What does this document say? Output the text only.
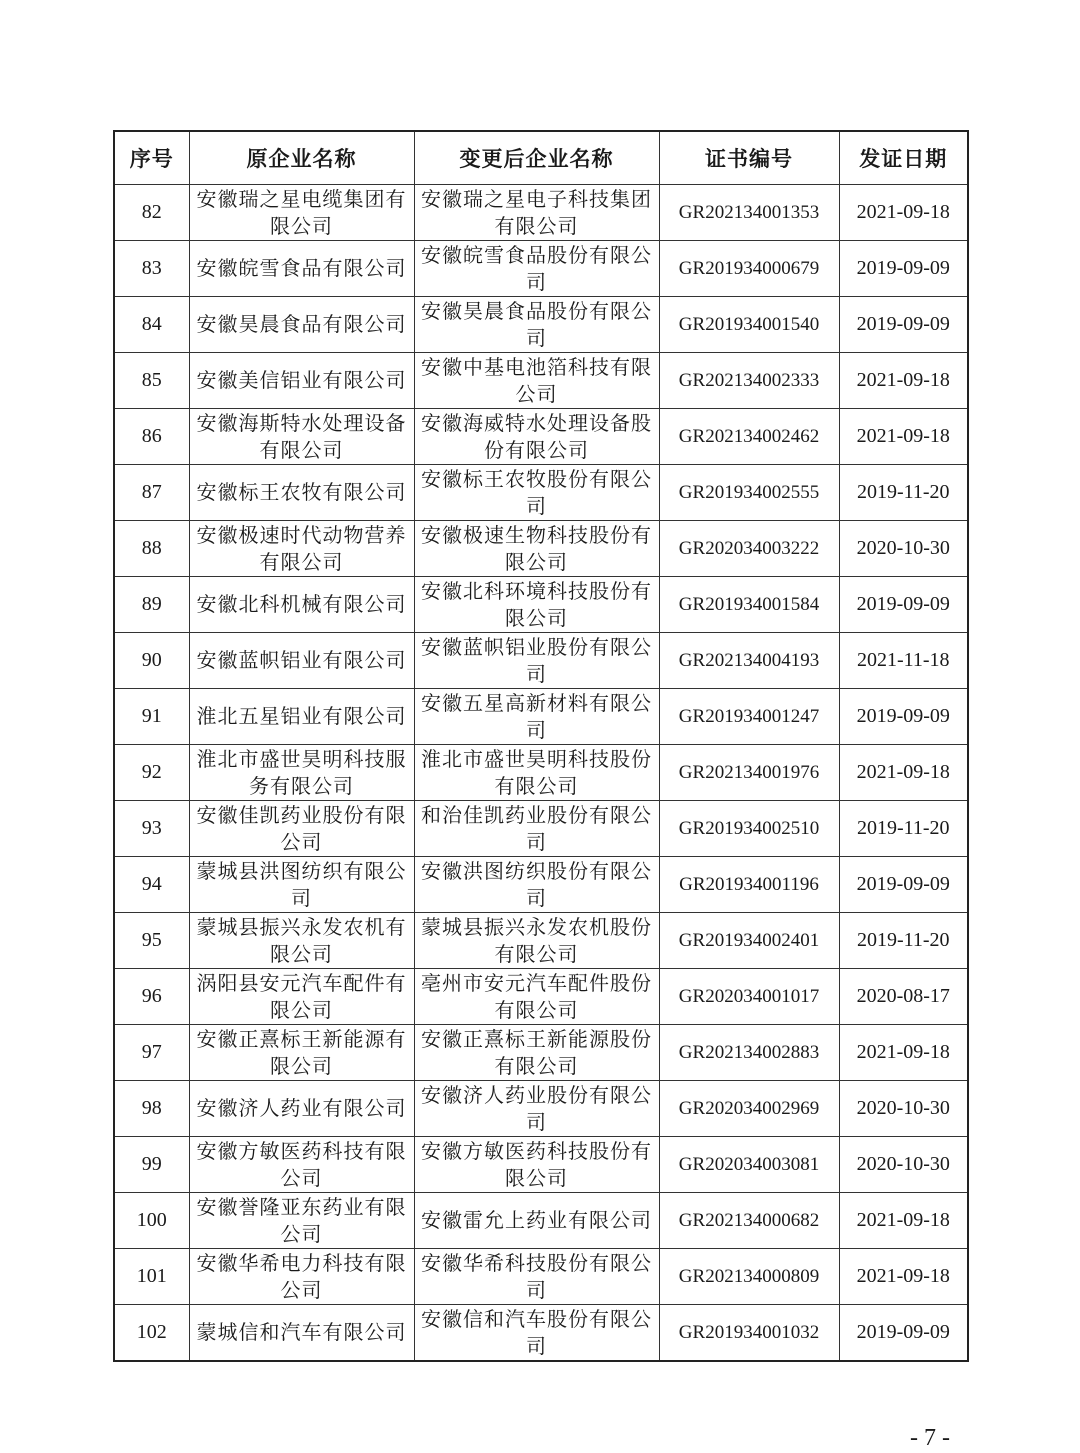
序号	原企业名称	变更后企业名称	证书编号	发证日期
82	安徽瑞之星电缆集团有限公司	安徽瑞之星电子科技集团有限公司	GR202134001353	2021-09-18
83	安徽皖雪食品有限公司	安徽皖雪食品股份有限公司	GR201934000679	2019-09-09
84	安徽昊晨食品有限公司	安徽昊晨食品股份有限公司	GR201934001540	2019-09-09
85	安徽美信铝业有限公司	安徽中基电池箔科技有限公司	GR202134002333	2021-09-18
86	安徽海斯特水处理设备有限公司	安徽海威特水处理设备股份有限公司	GR202134002462	2021-09-18
87	安徽标王农牧有限公司	安徽标王农牧股份有限公司	GR201934002555	2019-11-20
88	安徽极速时代动物营养有限公司	安徽极速生物科技股份有限公司	GR202034003222	2020-10-30
89	安徽北科机械有限公司	安徽北科环境科技股份有限公司	GR201934001584	2019-09-09
90	安徽蓝帜铝业有限公司	安徽蓝帜铝业股份有限公司	GR202134004193	2021-11-18
91	淮北五星铝业有限公司	安徽五星高新材料有限公司	GR201934001247	2019-09-09
92	淮北市盛世昊明科技服务有限公司	淮北市盛世昊明科技股份有限公司	GR202134001976	2021-09-18
93	安徽佳凯药业股份有限公司	和治佳凯药业股份有限公司	GR201934002510	2019-11-20
94	蒙城县洪图纺织有限公司	安徽洪图纺织股份有限公司	GR201934001196	2019-09-09
95	蒙城县振兴永发农机有限公司	蒙城县振兴永发农机股份有限公司	GR201934002401	2019-11-20
96	涡阳县安元汽车配件有限公司	亳州市安元汽车配件股份有限公司	GR202034001017	2020-08-17
97	安徽正熹标王新能源有限公司	安徽正熹标王新能源股份有限公司	GR202134002883	2021-09-18
98	安徽济人药业有限公司	安徽济人药业股份有限公司	GR202034002969	2020-10-30
99	安徽方敏医药科技有限公司	安徽方敏医药科技股份有限公司	GR202034003081	2020-10-30
100	安徽誉隆亚东药业有限公司	安徽雷允上药业有限公司	GR202134000682	2021-09-18
101	安徽华希电力科技有限公司	安徽华希科技股份有限公司	GR202134000809	2021-09-18
102	蒙城信和汽车有限公司	安徽信和汽车股份有限公司	GR201934001032	2019-09-09
- 7 -
